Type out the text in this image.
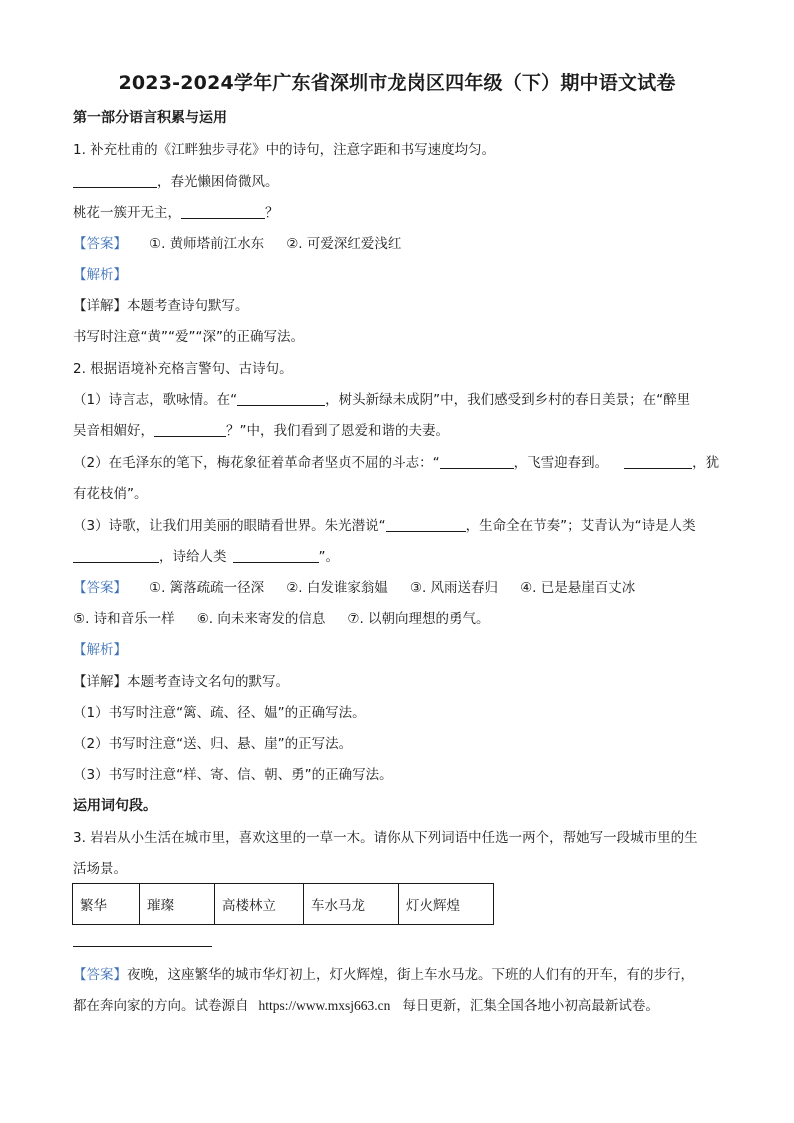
2023-2024学年广东省深圳市龙岗区四年级（下）期中语文试卷
第一部分语言积累与运用
1. 补充杜甫的《江畔独步寻花》中的诗句，注意字距和书写速度均匀。
，春光懒困倚微风。
桃花一簇开无主，	？
【答案】 ①. 黄师塔前江水东 ②. 可爱深红爱浅红
【解析】
【详解】本题考查诗句默写。
书写时注意“黄”“爱”“深”的正确写法。
2. 根据语境补充格言警句、古诗句。
（1）诗言志，歌咏情。在“	，树头新绿未成阴”中，我们感受到乡村的春日美景；在“醉里
吴音相媚好，	？”中，我们看到了恩爱和谐的夫妻。
（2）在毛泽东的笔下，梅花象征着革命者坚贞不屈的斗志：“	，飞雪迎春到。	，犹
有花枝俏”。
（3）诗歌，让我们用美丽的眼睛看世界。朱光潜说“	，生命全在节奏”；艾青认为“诗是人类
，诗给人类	”。
【答案】 ①. 篱落疏疏一径深 ②. 白发谁家翁媪 ③. 风雨送春归 ④. 已是悬崖百丈冰
⑤. 诗和音乐一样 ⑥. 向未来寄发的信息 ⑦. 以朝向理想的勇气。
【解析】
【详解】本题考查诗文名句的默写。
（1）书写时注意“篱、疏、径、媪”的正确写法。
（2）书写时注意“送、归、悬、崖”的正写法。
（3）书写时注意“样、寄、信、朝、勇”的正确写法。
运用词句段。
3. 岩岩从小生活在城市里，喜欢这里的一草一木。请你从下列词语中任选一两个，帮她写一段城市里的生
活场景。
繁华	璀璨	高楼林立	车水马龙	灯火辉煌
【答案】夜晚，这座繁华的城市华灯初上，灯火辉煌，街上车水马龙。下班的人们有的开车，有的步行，
都在奔向家的方向。试卷源自 https://www.mxsj663.cn 每日更新，汇集全国各地小初高最新试卷。
